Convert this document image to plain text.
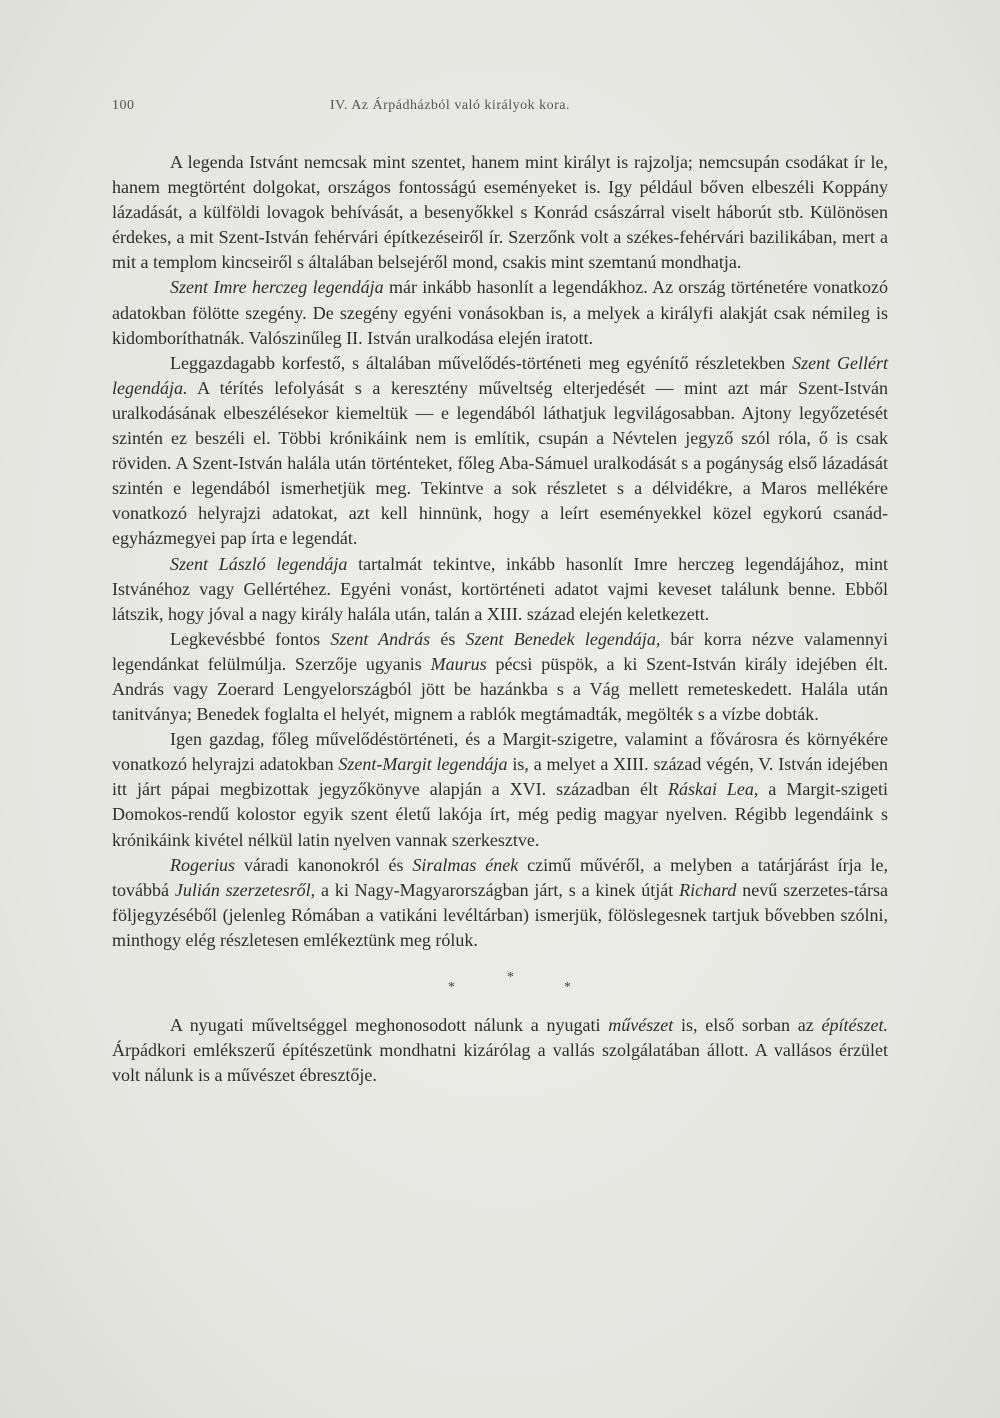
100	IV. Az Árpádházból való királyok kora.

A legenda Istvánt nemcsak mint szentet, hanem mint királyt is rajzolja; nemcsupán csodákat ír le, hanem megtörtént dolgokat, országos fontosságú eseményeket is. Igy például bőven elbeszéli Koppány lázadását, a külföldi lovagok behívását, a besenyőkkel s Konrád császárral viselt háborút stb. Különösen érdekes, a mit Szent-István fehérvári építkezéseiről ír. Szerzőnk volt a székes-fehérvári bazilikában, mert a mit a templom kincseiről s általában belsejéről mond, csakis mint szemtanú mondhatja.

Szent Imre herczeg legendája már inkább hasonlít a legendákhoz. Az ország történetére vonatkozó adatokban fölötte szegény. De szegény egyéni vonásokban is, a melyek a királyfi alakját csak némileg is kidomboríthatnák. Valószinűleg II. István uralkodása elején iratott.

Leggazdagabb korfestő, s általában művelődés-történeti meg egyénítő részletekben Szent Gellért legendája. A térítés lefolyását s a keresztény műveltség elterjedését — mint azt már Szent-István uralkodásának elbeszélésekor kiemeltük — e legendából láthatjuk legvilágosabban. Ajtony legyőzetését szintén ez beszéli el. Többi krónikáink nem is említik, csupán a Névtelen jegyző szól róla, ő is csak röviden. A Szent-István halála után történteket, főleg Aba-Sámuel uralkodását s a pogányság első lázadását szintén e legendából ismerhetjük meg. Tekintve a sok részletet s a délvidékre, a Maros mellékére vonatkozó helyrajzi adatokat, azt kell hinnünk, hogy a leírt eseményekkel közel egykorú csanád-egyházmegyei pap írta e legendát.

Szent László legendája tartalmát tekintve, inkább hasonlít Imre herczeg legendájához, mint Istvánéhoz vagy Gellértéhez. Egyéni vonást, kortörténeti adatot vajmi keveset találunk benne. Ebből látszik, hogy jóval a nagy király halála után, talán a XIII. század elején keletkezett.

Legkevésbbé fontos Szent András és Szent Benedek legendája, bár korra nézve valamennyi legendánkat felülmúlja. Szerzője ugyanis Maurus pécsi püspök, a ki Szent-István király idejében élt. András vagy Zoerard Lengyelországból jött be hazánkba s a Vág mellett remeteskedett. Halála után tanitványa; Benedek foglalta el helyét, mignem a rablók megtámadták, megölték s a vízbe dobták.

Igen gazdag, főleg művelődéstörténeti, és a Margit-szigetre, valamint a fővárosra és környékére vonatkozó helyrajzi adatokban Szent-Margit legendája is, a melyet a XIII. század végén, V. István idejében itt járt pápai megbizottak jegyzőkönyve alapján a XVI. században élt Ráskai Lea, a Margit-szigeti Domokos-rendű kolostor egyik szent életű lakója írt, még pedig magyar nyelven. Régibb legendáink s krónikáink kivétel nélkül latin nyelven vannak szerkesztve.

Rogerius váradi kanonokról és Siralmas ének czimű művéről, a melyben a tatárjárást írja le, továbbá Julián szerzetesről, a ki Nagy-Magyarországban járt, s a kinek útját Richard nevű szerzetes-társa följegyzéséből (jelenleg Rómában a vatikáni levéltárban) ismerjük, fölöslegesnek tartjuk bővebben szólni, minthogy elég részletesen emlékeztünk meg róluk.

*
*
*

A nyugati műveltséggel meghonosodott nálunk a nyugati művészet is, első sorban az építészet. Árpádkori emlékszerű építészetünk mondhatni kizárólag a vallás szolgálatában állott. A vallásos érzület volt nálunk is a művészet ébresztője.
